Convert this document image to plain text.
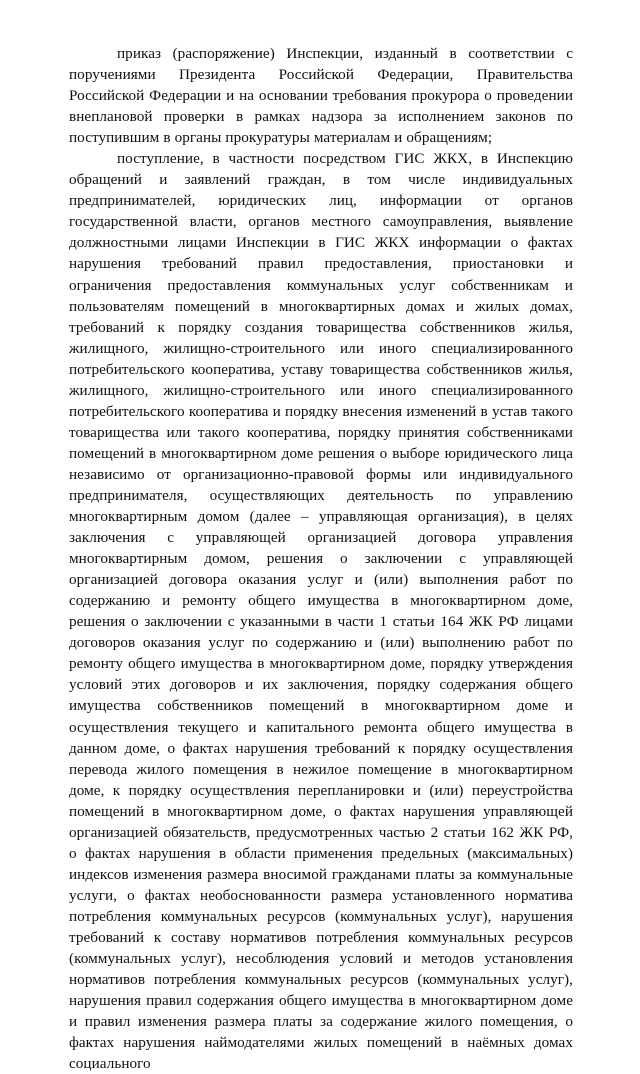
приказ (распоряжение) Инспекции, изданный в соответствии с поручениями Президента Российской Федерации, Правительства Российской Федерации и на основании требования прокурора о проведении внеплановой проверки в рамках надзора за исполнением законов по поступившим в органы прокуратуры материалам и обращениям;

поступление, в частности посредством ГИС ЖКХ, в Инспекцию обращений и заявлений граждан, в том числе индивидуальных предпринимателей, юридических лиц, информации от органов государственной власти, органов местного самоуправления, выявление должностными лицами Инспекции в ГИС ЖКХ информации о фактах нарушения требований правил предоставления, приостановки и ограничения предоставления коммунальных услуг собственникам и пользователям помещений в многоквартирных домах и жилых домах, требований к порядку создания товарищества собственников жилья, жилищного, жилищно-строительного или иного специализированного потребительского кооператива, уставу товарищества собственников жилья, жилищного, жилищно-строительного или иного специализированного потребительского кооператива и порядку внесения изменений в устав такого товарищества или такого кооператива, порядку принятия собственниками помещений в многоквартирном доме решения о выборе юридического лица независимо от организационно-правовой формы или индивидуального предпринимателя, осуществляющих деятельность по управлению многоквартирным домом (далее – управляющая организация), в целях заключения с управляющей организацией договора управления многоквартирным домом, решения о заключении с управляющей организацией договора оказания услуг и (или) выполнения работ по содержанию и ремонту общего имущества в многоквартирном доме, решения о заключении с указанными в части 1 статьи 164 ЖК РФ лицами договоров оказания услуг по содержанию и (или) выполнению работ по ремонту общего имущества в многоквартирном доме, порядку утверждения условий этих договоров и их заключения, порядку содержания общего имущества собственников помещений в многоквартирном доме и осуществления текущего и капитального ремонта общего имущества в данном доме, о фактах нарушения требований к порядку осуществления перевода жилого помещения в нежилое помещение в многоквартирном доме, к порядку осуществления перепланировки и (или) переустройства помещений в многоквартирном доме, о фактах нарушения управляющей организацией обязательств, предусмотренных частью 2 статьи 162 ЖК РФ, о фактах нарушения в области применения предельных (максимальных) индексов изменения размера вносимой гражданами платы за коммунальные услуги, о фактах необоснованности размера установленного норматива потребления коммунальных ресурсов (коммунальных услуг), нарушения требований к составу нормативов потребления коммунальных ресурсов (коммунальных услуг), несоблюдения условий и методов установления нормативов потребления коммунальных ресурсов (коммунальных услуг), нарушения правил содержания общего имущества в многоквартирном доме и правил изменения размера платы за содержание жилого помещения, о фактах нарушения наймодателями жилых помещений в наёмных домах социального
